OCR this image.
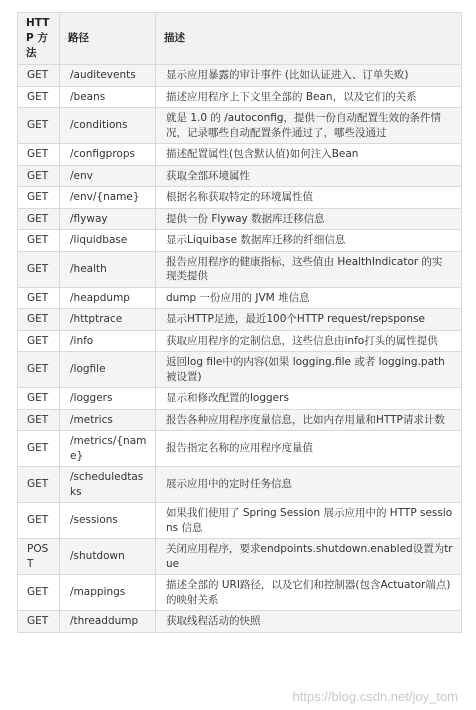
HTTP 方法	路径	描述
GET	/auditevents	显示应用暴露的审计事件 (比如认证进入、订单失败)
GET	/beans	描述应用程序上下文里全部的 Bean，以及它们的关系
GET	/conditions	就是 1.0 的 /autoconfig，提供一份自动配置生效的条件情况，记录哪些自动配置条件通过了，哪些没通过
GET	/configprops	描述配置属性(包含默认值)如何注入Bean
GET	/env	获取全部环境属性
GET	/env/{name}	根据名称获取特定的环境属性值
GET	/flyway	提供一份 Flyway 数据库迁移信息
GET	/liquidbase	显示Liquibase 数据库迁移的纤细信息
GET	/health	报告应用程序的健康指标，这些值由 HealthIndicator 的实现类提供
GET	/heapdump	dump 一份应用的 JVM 堆信息
GET	/httptrace	显示HTTP足迹，最近100个HTTP request/repsponse
GET	/info	获取应用程序的定制信息，这些信息由info打头的属性提供
GET	/logfile	返回log file中的内容(如果 logging.file 或者 logging.path 被设置)
GET	/loggers	显示和修改配置的loggers
GET	/metrics	报告各种应用程序度量信息，比如内存用量和HTTP请求计数
GET	/metrics/{name}	报告指定名称的应用程序度量值
GET	/scheduledtasks	展示应用中的定时任务信息
GET	/sessions	如果我们使用了 Spring Session 展示应用中的 HTTP sessions 信息
POST	/shutdown	关闭应用程序，要求endpoints.shutdown.enabled设置为true
GET	/mappings	描述全部的 URI路径，以及它们和控制器(包含Actuator端点)的映射关系
GET	/threaddump	获取线程活动的快照
https://blog.csdn.net/joy_tom
